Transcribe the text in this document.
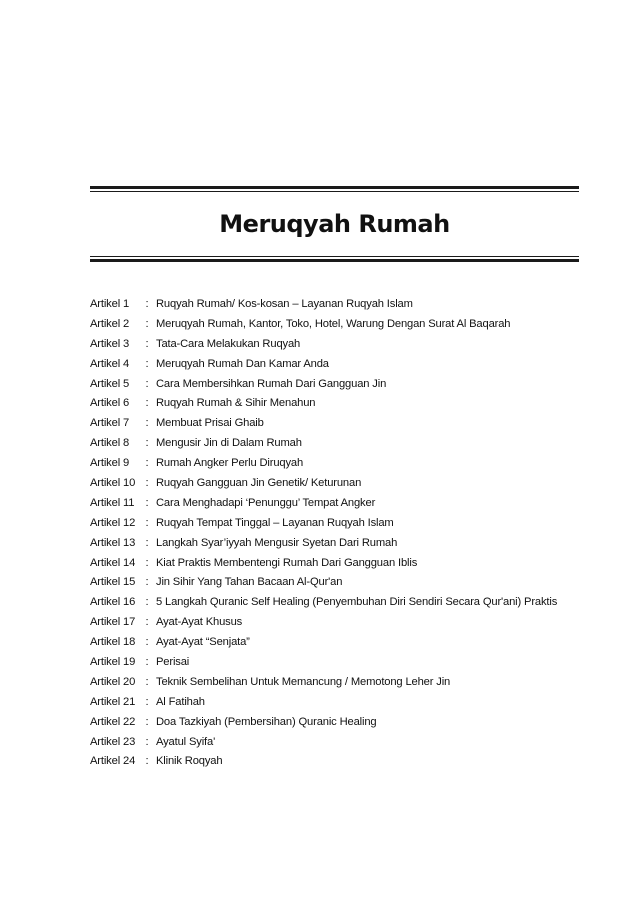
Meruqyah Rumah
Artikel 1	: Ruqyah Rumah/ Kos-kosan – Layanan Ruqyah Islam
Artikel 2	: Meruqyah Rumah, Kantor, Toko, Hotel, Warung Dengan Surat Al Baqarah
Artikel 3	: Tata-Cara Melakukan Ruqyah
Artikel 4	: Meruqyah Rumah Dan Kamar Anda
Artikel 5	: Cara Membersihkan Rumah Dari Gangguan Jin
Artikel 6	: Ruqyah Rumah & Sihir Menahun
Artikel 7	: Membuat Prisai Ghaib
Artikel 8	: Mengusir Jin di Dalam Rumah
Artikel 9	: Rumah Angker Perlu Diruqyah
Artikel 10 : Ruqyah Gangguan Jin Genetik/ Keturunan
Artikel 11	: Cara Menghadapi ‘Penunggu’ Tempat Angker
Artikel 12 : Ruqyah Tempat Tinggal – Layanan Ruqyah Islam
Artikel 13 : Langkah Syar’iyyah Mengusir Syetan Dari Rumah
Artikel 14 : Kiat Praktis Membentengi Rumah Dari Gangguan Iblis
Artikel 15 : Jin Sihir Yang Tahan Bacaan Al-Qur'an
Artikel 16 : 5 Langkah Quranic Self Healing (Penyembuhan Diri Sendiri Secara Qur'ani) Praktis
Artikel 17 : Ayat-Ayat Khusus
Artikel 18 : Ayat-Ayat “Senjata”
Artikel 19 : Perisai
Artikel 20 : Teknik Sembelihan Untuk Memancung / Memotong Leher Jin
Artikel 21 : Al Fatihah
Artikel 22 : Doa Tazkiyah (Pembersihan) Quranic Healing
Artikel 23 : Ayatul Syifa'
Artikel 24 : Klinik Roqyah
